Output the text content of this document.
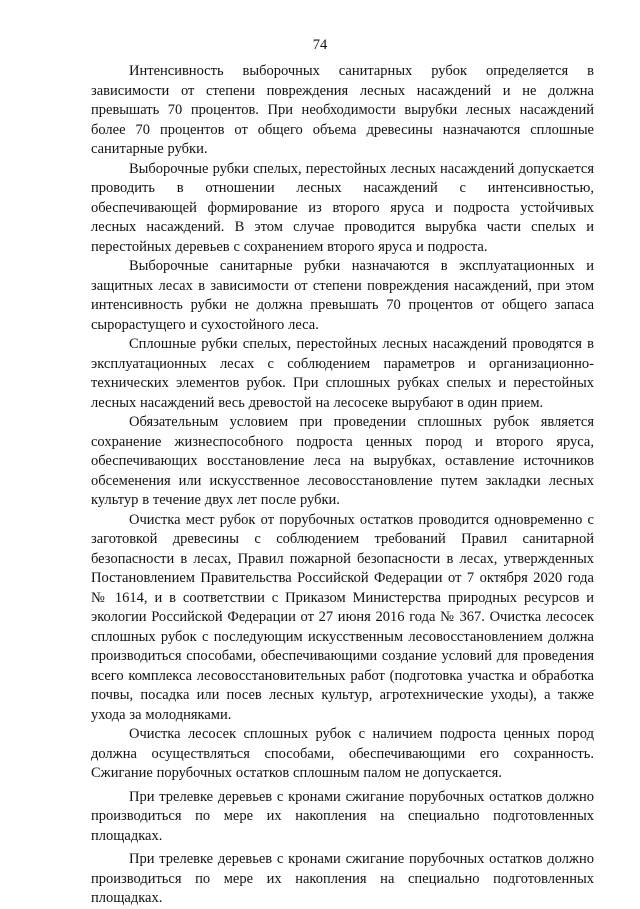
74

Интенсивность выборочных санитарных рубок определяется в зависимости от степени повреждения лесных насаждений и не должна превышать 70 процентов. При необходимости вырубки лесных насаждений более 70 процентов от общего объема древесины назначаются сплошные санитарные рубки.

Выборочные рубки спелых, перестойных лесных насаждений допускается проводить в отношении лесных насаждений с интенсивностью, обеспечивающей формирование из второго яруса и подроста устойчивых лесных насаждений. В этом случае проводится вырубка части спелых и перестойных деревьев с сохранением второго яруса и подроста.

Выборочные санитарные рубки назначаются в эксплуатационных и защитных лесах в зависимости от степени повреждения насаждений, при этом интенсивность рубки не должна превышать 70 процентов от общего запаса сырорастущего и сухостойного леса.

Сплошные рубки спелых, перестойных лесных насаждений проводятся в эксплуатационных лесах с соблюдением параметров и организационно-технических элементов рубок. При сплошных рубках спелых и перестойных лесных насаждений весь древостой на лесосеке вырубают в один прием.

Обязательным условием при проведении сплошных рубок является сохранение жизнеспособного подроста ценных пород и второго яруса, обеспечивающих восстановление леса на вырубках, оставление источников обсеменения или искусственное лесовосстановление путем закладки лесных культур в течение двух лет после рубки.

Очистка мест рубок от порубочных остатков проводится одновременно с заготовкой древесины с соблюдением требований Правил санитарной безопасности в лесах, Правил пожарной безопасности в лесах, утвержденных Постановлением Правительства Российской Федерации от 7 октября 2020 года № 1614, и в соответствии с Приказом Министерства природных ресурсов и экологии Российской Федерации от 27 июня 2016 года № 367. Очистка лесосек сплошных рубок с последующим искусственным лесовосстановлением должна производиться способами, обеспечивающими создание условий для проведения всего комплекса лесовосстановительных работ (подготовка участка и обработка почвы, посадка или посев лесных культур, агротехнические уходы), а также ухода за молодняками.

Очистка лесосек сплошных рубок с наличием подроста ценных пород должна осуществляться способами, обеспечивающими его сохранность. Сжигание порубочных остатков сплошным палом не допускается.

При трелевке деревьев с кронами сжигание порубочных остатков должно производиться по мере их накопления на специально подготовленных площадках.

При трелевке деревьев с кронами сжигание порубочных остатков должно производиться по мере их накопления на специально подготовленных площадках.
